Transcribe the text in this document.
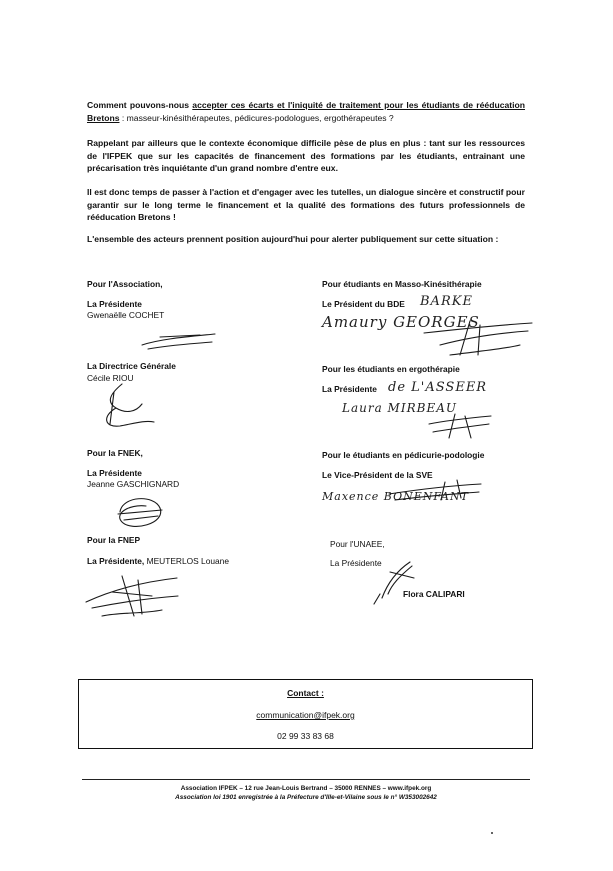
Comment pouvons-nous accepter ces écarts et l'iniquité de traitement pour les étudiants de rééducation Bretons : masseur-kinésithérapeutes, pédicures-podologues, ergothérapeutes ?

Rappelant par ailleurs que le contexte économique difficile pèse de plus en plus : tant sur les ressources de l'IFPEK que sur les capacités de financement des formations par les étudiants, entrainant une précarisation très inquiétante d'un grand nombre d'entre eux.

Il est donc temps de passer à l'action et d'engager avec les tutelles, un dialogue sincère et constructif pour garantir sur le long terme le financement et la qualité des formations des futurs professionnels de rééducation Bretons !

L'ensemble des acteurs prennent position aujourd'hui pour alerter publiquement sur cette situation :

Pour l'Association,
La Présidente
Gwenaëlle COCHET
La Directrice Générale
Cécile RIOU
Pour la FNEK,
La Présidente
Jeanne GASCHIGNARD
Pour la FNEP
La Présidente, MEUTERLOS Louane
Pour étudiants en Masso-Kinésithérapie
Le Président du BDE BARKE
Amaury GEORGES
Pour les étudiants en ergothérapie
La Présidente de L'ASSEER
Laura MIRBEAU
Pour le étudiants en pédicurie-podologie
Le Vice-Président de la SVE
Maxence BONENFANT
Pour l'UNAEE,
La Présidente
Flora CALIPARI
Contact :
communication@ifpek.org
02 99 33 83 68
Association IFPEK – 12 rue Jean-Louis Bertrand – 35000 RENNES – www.ifpek.org
Association loi 1901 enregistrée à la Préfecture d'Ille-et-Vilaine sous le n° W353002642
